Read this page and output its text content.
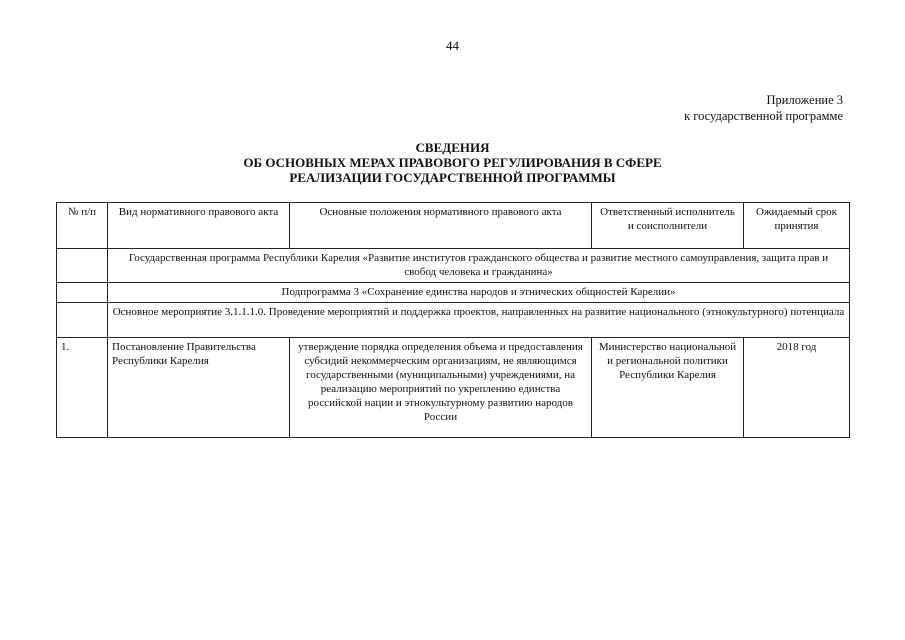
44
Приложение 3
к государственной программе
СВЕДЕНИЯ
ОБ ОСНОВНЫХ МЕРАХ ПРАВОВОГО РЕГУЛИРОВАНИЯ В СФЕРЕ
РЕАЛИЗАЦИИ ГОСУДАРСТВЕННОЙ ПРОГРАММЫ
№ п/п	Вид нормативного правового акта	Основные положения нормативного правового акта	Ответственный исполнитель и соисполнители	Ожидаемый срок принятия
	Государственная программа Республики Карелия «Развитие институтов гражданского общества и развитие местного самоуправления, защита прав и свобод человека и гражданина»			
	Подпрограмма 3 «Сохранение единства народов и этнических общностей Карелии»			
	Основное мероприятие 3.1.1.1.0. Проведение мероприятий и поддержка проектов, направленных на развитие национального (этнокультурного) потенциала			
1.	Постановление Правительства Республики Карелия	утверждение порядка определения объема и предоставления субсидий некоммерческим организациям, не являющимся государственными (муниципальными) учреждениями, на реализацию мероприятий по укреплению единства российской нации и этнокультурному развитию народов России	Министерство национальной и региональной политики Республики Карелия	2018 год
